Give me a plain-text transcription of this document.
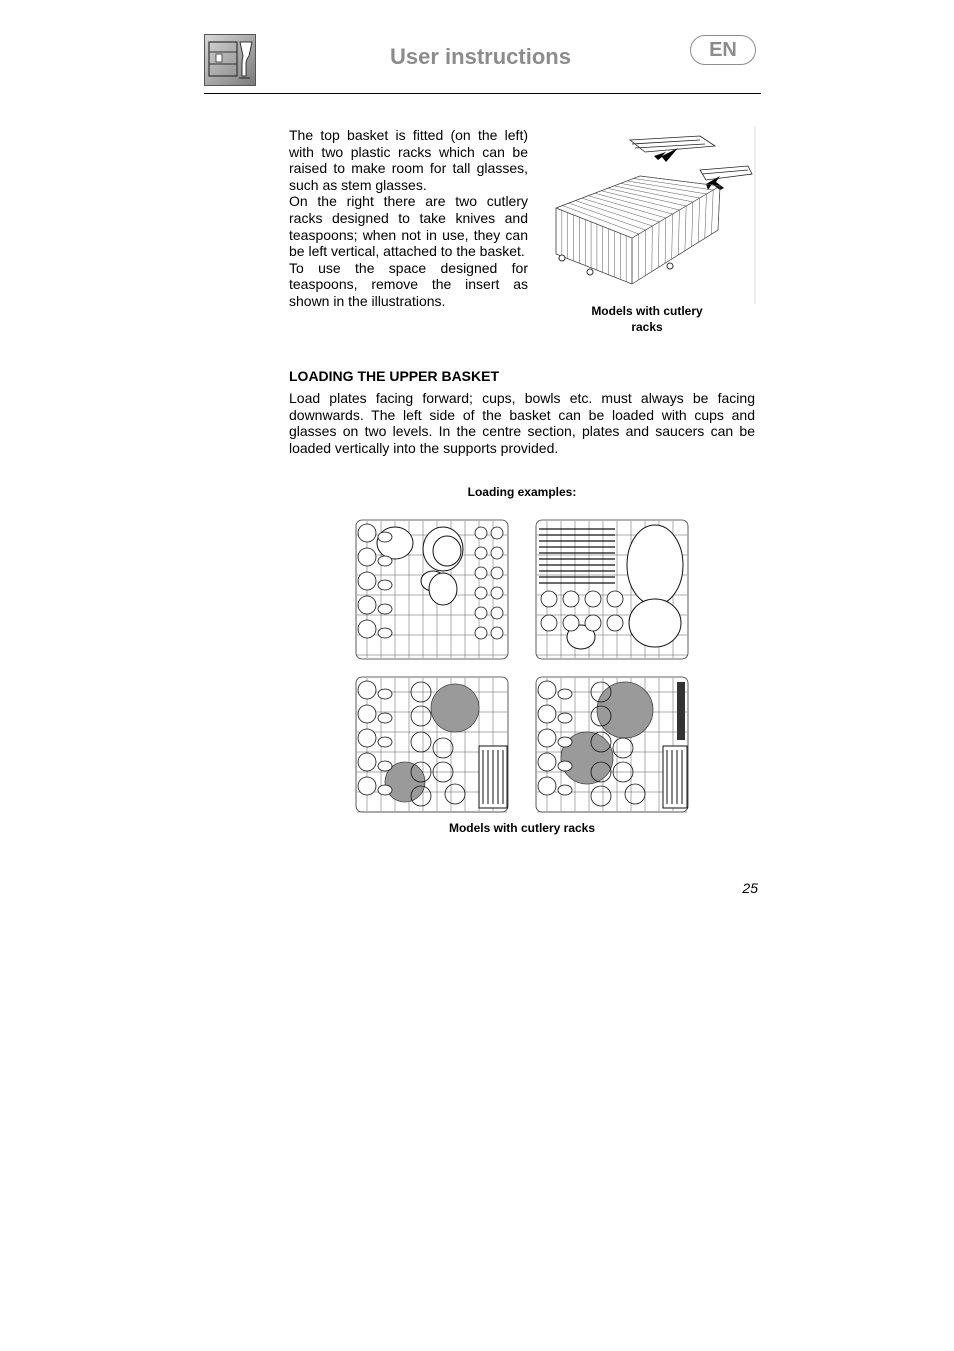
User instructions	EN

The top basket is fitted (on the left) with two plastic racks which can be raised to make room for tall glasses, such as stem glasses.

On the right there are two cutlery racks designed to take knives and teaspoons; when not in use, they can be left vertical, attached to the basket.

To use the space designed for teaspoons, remove the insert as shown in the illustrations.

Models with cutlery racks
LOADING THE UPPER BASKET

Load plates facing forward; cups, bowls etc. must always be facing downwards. The left side of the basket can be loaded with cups and glasses on two levels. In the centre section, plates and saucers can be loaded vertically into the supports provided.

Loading examples:
Models with cutlery racks
25
